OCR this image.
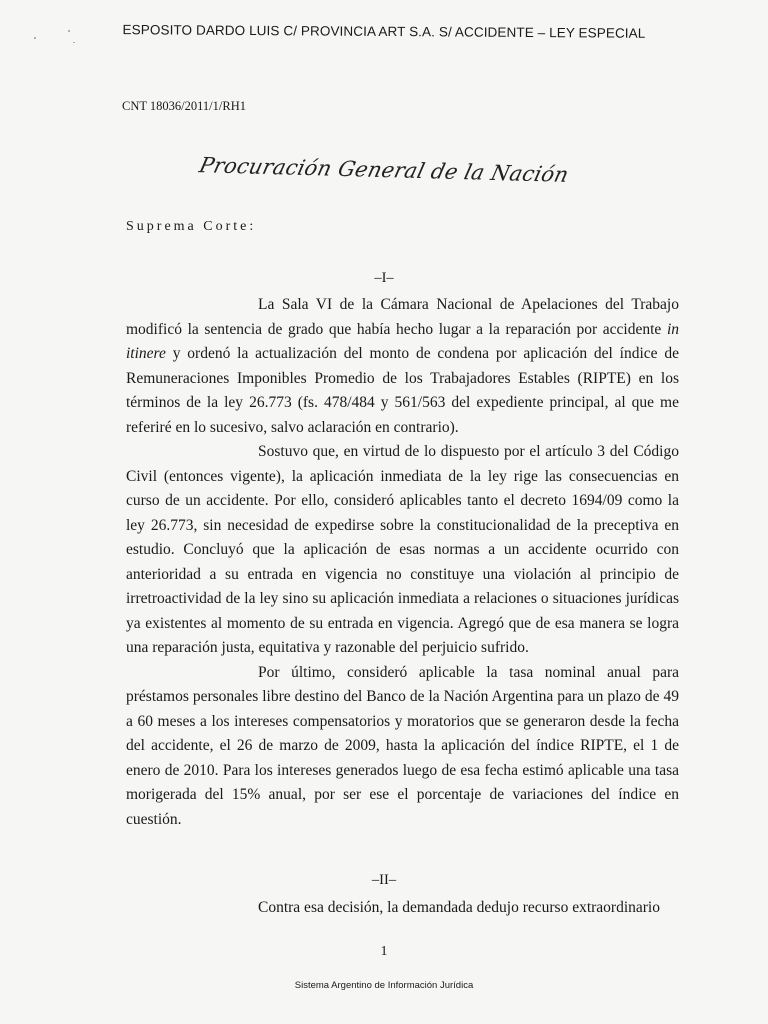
ESPOSITO DARDO LUIS C/ PROVINCIA ART S.A. S/ ACCIDENTE – LEY ESPECIAL
CNT 18036/2011/1/RH1
Procuración General de la Nación
Suprema Corte:
–I–

La Sala VI de la Cámara Nacional de Apelaciones del Trabajo modificó la sentencia de grado que había hecho lugar a la reparación por accidente in itinere y ordenó la actualización del monto de condena por aplicación del índice de Remuneraciones Imponibles Promedio de los Trabajadores Estables (RIPTE) en los términos de la ley 26.773 (fs. 478/484 y 561/563 del expediente principal, al que me referiré en lo sucesivo, salvo aclaración en contrario).

Sostuvo que, en virtud de lo dispuesto por el artículo 3 del Código Civil (entonces vigente), la aplicación inmediata de la ley rige las consecuencias en curso de un accidente. Por ello, consideró aplicables tanto el decreto 1694/09 como la ley 26.773, sin necesidad de expedirse sobre la constitucionalidad de la preceptiva en estudio. Concluyó que la aplicación de esas normas a un accidente ocurrido con anterioridad a su entrada en vigencia no constituye una violación al principio de irretroactividad de la ley sino su aplicación inmediata a relaciones o situaciones jurídicas ya existentes al momento de su entrada en vigencia. Agregó que de esa manera se logra una reparación justa, equitativa y razonable del perjuicio sufrido.

Por último, consideró aplicable la tasa nominal anual para préstamos personales libre destino del Banco de la Nación Argentina para un plazo de 49 a 60 meses a los intereses compensatorios y moratorios que se generaron desde la fecha del accidente, el 26 de marzo de 2009, hasta la aplicación del índice RIPTE, el 1 de enero de 2010. Para los intereses generados luego de esa fecha estimó aplicable una tasa morigerada del 15% anual, por ser ese el porcentaje de variaciones del índice en cuestión.

–II–

Contra esa decisión, la demandada dedujo recurso extraordinario

1
Sistema Argentino de Información Jurídica
